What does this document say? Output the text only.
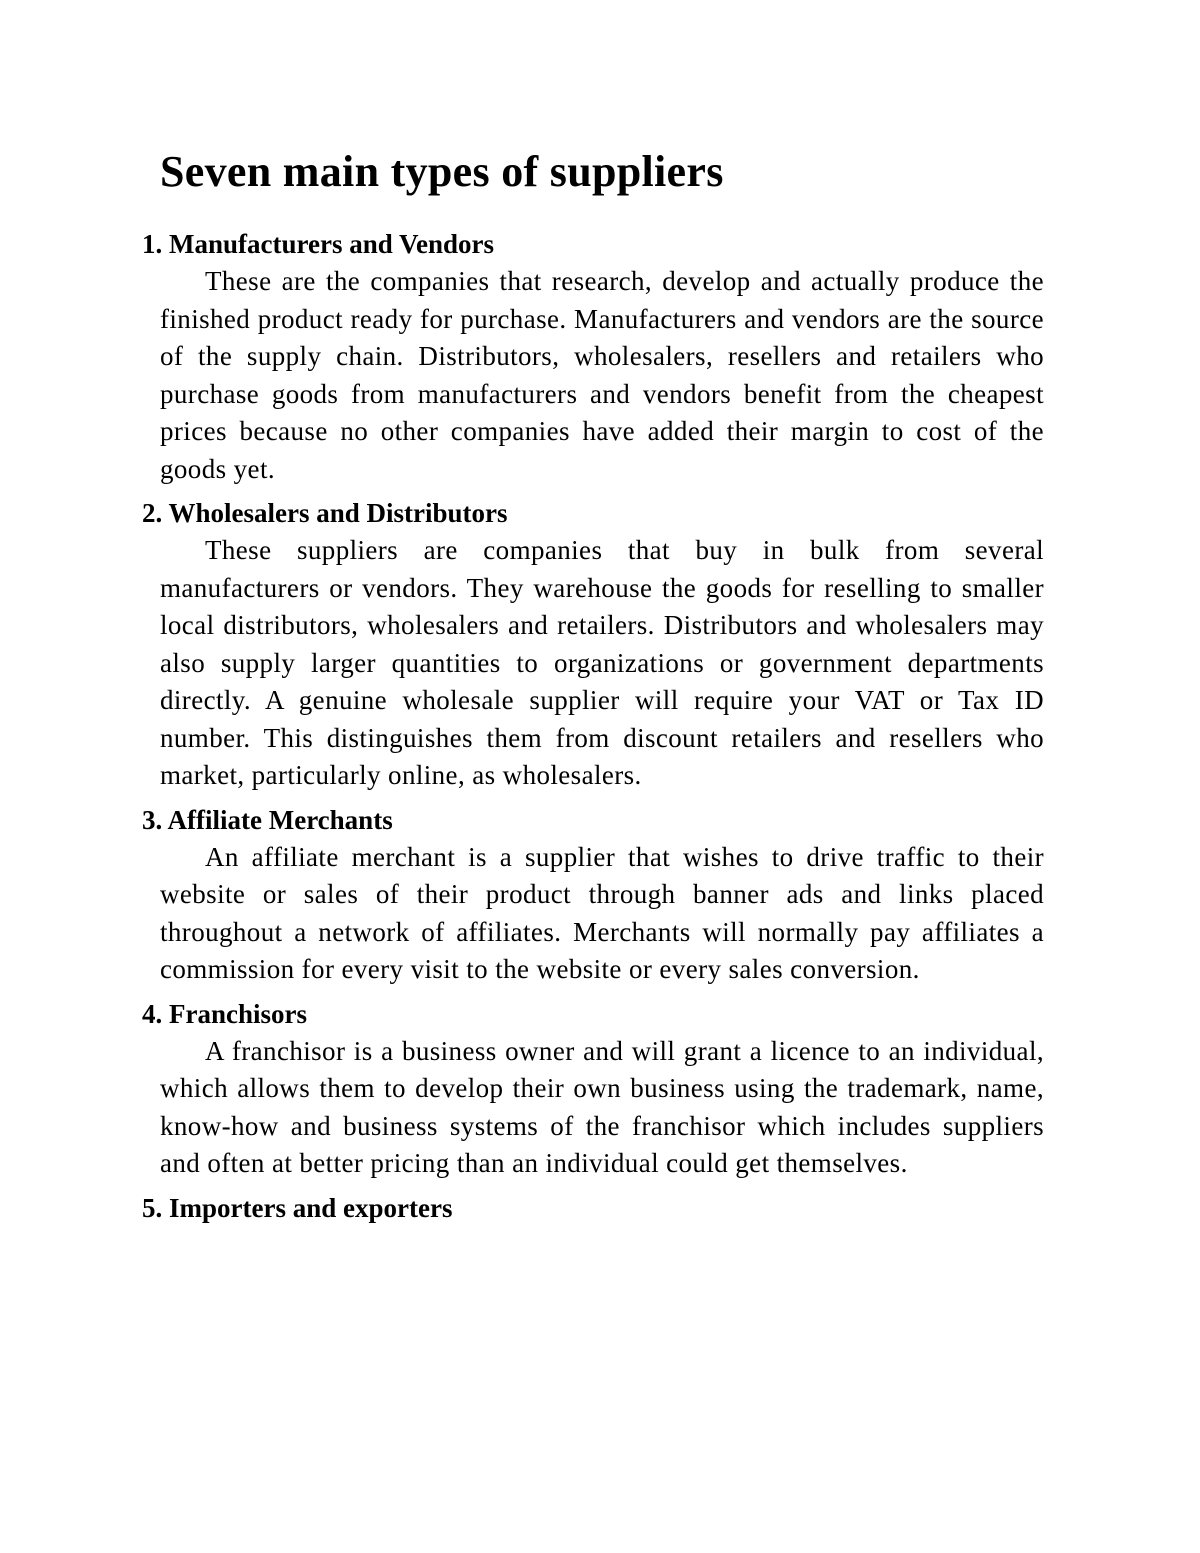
Seven main types of suppliers

1. Manufacturers and Vendors

These are the companies that research, develop and actually produce the finished product ready for purchase. Manufacturers and vendors are the source of the supply chain. Distributors, wholesalers, resellers and retailers who purchase goods from manufacturers and vendors benefit from the cheapest prices because no other companies have added their margin to cost of the goods yet.

2. Wholesalers and Distributors

These suppliers are companies that buy in bulk from several manufacturers or vendors. They warehouse the goods for reselling to smaller local distributors, wholesalers and retailers. Distributors and wholesalers may also supply larger quantities to organizations or government departments directly. A genuine wholesale supplier will require your VAT or Tax ID number. This distinguishes them from discount retailers and resellers who market, particularly online, as wholesalers.

3. Affiliate Merchants

An affiliate merchant is a supplier that wishes to drive traffic to their website or sales of their product through banner ads and links placed throughout a network of affiliates. Merchants will normally pay affiliates a commission for every visit to the website or every sales conversion.

4. Franchisors

A franchisor is a business owner and will grant a licence to an individual, which allows them to develop their own business using the trademark, name, know-how and business systems of the franchisor which includes suppliers and often at better pricing than an individual could get themselves.

5. Importers and exporters
